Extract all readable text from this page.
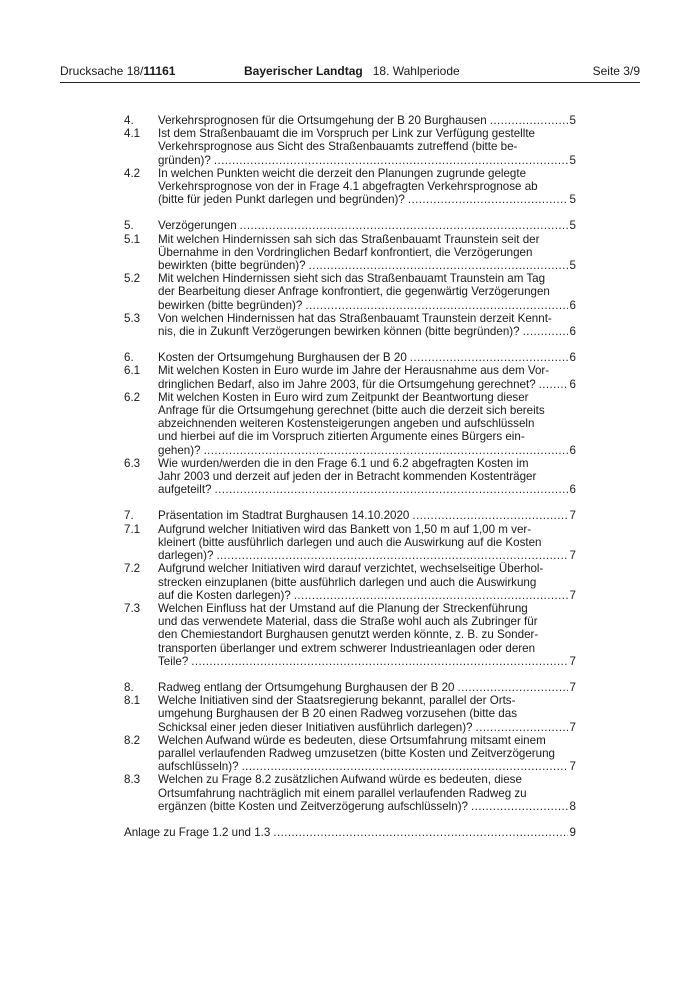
Drucksache 18/11161	Bayerischer Landtag 18. Wahlperiode	Seite 3/9
4. Verkehrsprognosen für die Ortsumgehung der B 20 Burghausen .....	5
4.1 Ist dem Straßenbauamt die im Vorspruch per Link zur Verfügung gestellte
Verkehrsprognose aus Sicht des Straßenbauamts zutreffend (bitte be-
gründen)? .....	5
4.2 In welchen Punkten weicht die derzeit den Planungen zugrunde gelegte
Verkehrsprognose von der in Frage 4.1 abgefragten Verkehrsprognose ab
(bitte für jeden Punkt darlegen und begründen)? .....	5
5. Verzögerungen .....	5
5.1 Mit welchen Hindernissen sah sich das Straßenbauamt Traunstein seit der
Übernahme in den Vordringlichen Bedarf konfrontiert, die Verzögerungen
bewirkten (bitte begründen)? .....	5
5.2 Mit welchen Hindernissen sieht sich das Straßenbauamt Traunstein am Tag
der Bearbeitung dieser Anfrage konfrontiert, die gegenwärtig Verzögerungen
bewirken (bitte begründen)? .....	6
5.3 Von welchen Hindernissen hat das Straßenbauamt Traunstein derzeit Kennt-
nis, die in Zukunft Verzögerungen bewirken können (bitte begründen)? .....	6
6. Kosten der Ortsumgehung Burghausen der B 20 .....	6
6.1 Mit welchen Kosten in Euro wurde im Jahre der Herausnahme aus dem Vor-
dringlichen Bedarf, also im Jahre 2003, für die Ortsumgehung gerechnet? .....	6
6.2 Mit welchen Kosten in Euro wird zum Zeitpunkt der Beantwortung dieser
Anfrage für die Ortsumgehung gerechnet (bitte auch die derzeit sich bereits
abzeichnenden weiteren Kostensteigerungen angeben und aufschlüsseln
und hierbei auf die im Vorspruch zitierten Argumente eines Bürgers ein-
gehen)? .....	6
6.3 Wie wurden/werden die in den Frage 6.1 und 6.2 abgefragten Kosten im
Jahr 2003 und derzeit auf jeden der in Betracht kommenden Kostenträger
aufgeteilt? .....	6
7. Präsentation im Stadtrat Burghausen 14.10.2020 .....	7
7.1 Aufgrund welcher Initiativen wird das Bankett von 1,50 m auf 1,00 m ver-
kleinert (bitte ausführlich darlegen und auch die Auswirkung auf die Kosten
darlegen)? .....	7
7.2 Aufgrund welcher Initiativen wird darauf verzichtet, wechselseitige Überhol-
strecken einzuplanen (bitte ausführlich darlegen und auch die Auswirkung
auf die Kosten darlegen)? .....	7
7.3 Welchen Einfluss hat der Umstand auf die Planung der Streckenführung
und das verwendete Material, dass die Straße wohl auch als Zubringer für
den Chemiestandort Burghausen genutzt werden könnte, z. B. zu Sonder-
transporten überlanger und extrem schwerer Industrieanlagen oder deren
Teile? .....	7
8. Radweg entlang der Ortsumgehung Burghausen der B 20 .....	7
8.1 Welche Initiativen sind der Staatsregierung bekannt, parallel der Orts-
umgehung Burghausen der B 20 einen Radweg vorzusehen (bitte das
Schicksal einer jeden dieser Initiativen ausführlich darlegen)? .....	7
8.2 Welchen Aufwand würde es bedeuten, diese Ortsumfahrung mitsamt einem
parallel verlaufenden Radweg umzusetzen (bitte Kosten und Zeitverzögerung
aufschlüsseln)? .....	7
8.3 Welchen zu Frage 8.2 zusätzlichen Aufwand würde es bedeuten, diese
Ortsumfahrung nachträglich mit einem parallel verlaufenden Radweg zu
ergänzen (bitte Kosten und Zeitverzögerung aufschlüsseln)? .....	8
Anlage zu Frage 1.2 und 1.3 .....	9
